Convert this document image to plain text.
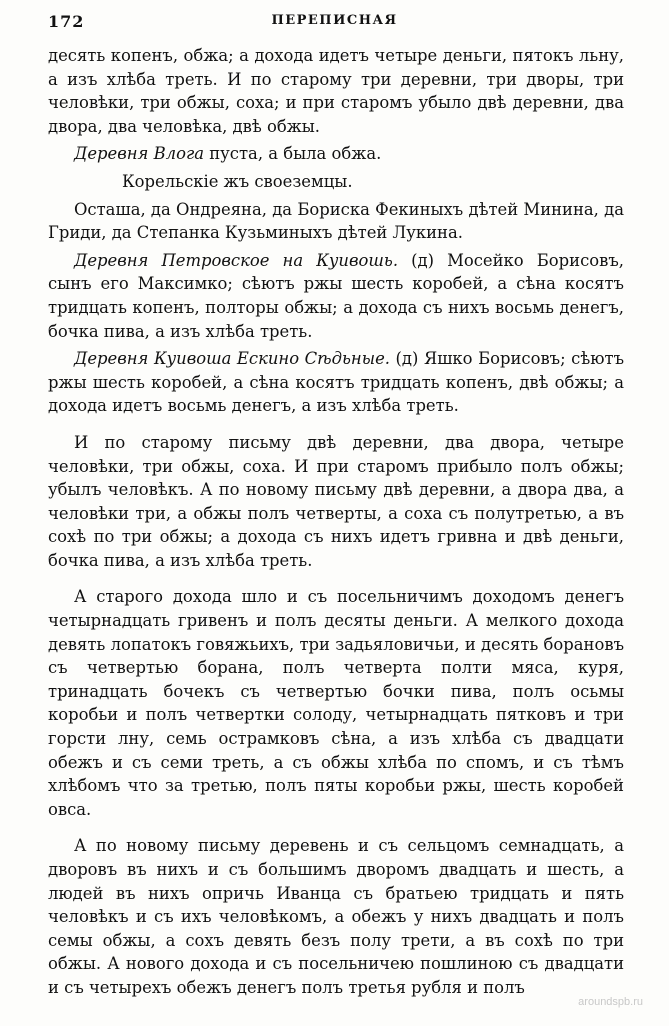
172	ПЕРЕПИСНАЯ

десять копенъ, обжа; а дохода идетъ четыре деньги, пятокъ льну, а изъ хлѣба треть. И по старому три деревни, три дворы, три человѣки, три обжы, соха; и при старомъ убыло двѣ деревни, два двора, два человѣка, двѣ обжы.

Деревня Влога пуста, а была обжа.

Корельскіе жъ своеземцы.

Осташа, да Ондреяна, да Бориска Фекиныхъ дѣтей Минина, да Гриди, да Степанка Кузьминыхъ дѣтей Лукина.

Деревня Петровское на Куивошь. (д) Мосейко Борисовъ, сынъ его Максимко; сѣютъ ржы шесть коробей, а сѣна косятъ тридцать копенъ, полторы обжы; а дохода съ нихъ восьмь денегъ, бочка пива, а изъ хлѣба треть.

Деревня Куивоша Ескино Сѣдьные. (д) Яшко Борисовъ; сѣютъ ржы шесть коробей, а сѣна косятъ тридцать копенъ, двѣ обжы; а дохода идетъ восьмь денегъ, а изъ хлѣба треть.

И по старому письму двѣ деревни, два двора, четыре человѣки, три обжы, соха. И при старомъ прибыло полъ обжы; убылъ человѣкъ. А по новому письму двѣ деревни, а двора два, а человѣки три, а обжы полъ четверты, а соха съ полутретью, а въ сохѣ по три обжы; а дохода съ нихъ идетъ гривна и двѣ деньги, бочка пива, а изъ хлѣба треть.

А старого дохода шло и съ посельничимъ доходомъ денегъ четырнадцать гривенъ и полъ десяты деньги. А мелкого дохода девять лопатокъ говяжьихъ, три задьяловичьи, и десять борановъ съ четвертью борана, полъ четверта полти мяса, куря, тринадцать бочекъ съ четвертью бочки пива, полъ осьмы коробьи и полъ четвертки солоду, четырнадцать пятковъ и три горсти лну, семь острамковъ сѣна, а изъ хлѣба съ двадцати обежъ и съ семи треть, а съ обжы хлѣба по спомъ, и съ тѣмъ хлѣбомъ что за третью, полъ пяты коробьи ржы, шесть коробей овса.

А по новому письму деревень и съ сельцомъ семнадцать, а дворовъ въ нихъ и съ большимъ дворомъ двадцать и шесть, а людей въ нихъ опричь Иванца съ братьею тридцать и пять человѣкъ и съ ихъ человѣкомъ, а обежъ у нихъ двадцать и полъ семы обжы, а сохъ девять безъ полу трети, а въ сохѣ по три обжы. А нового дохода и съ посельничею пошлиною съ двадцати и съ четырехъ обежъ денегъ полъ третья рубля и полъ

aroundspb.ru
